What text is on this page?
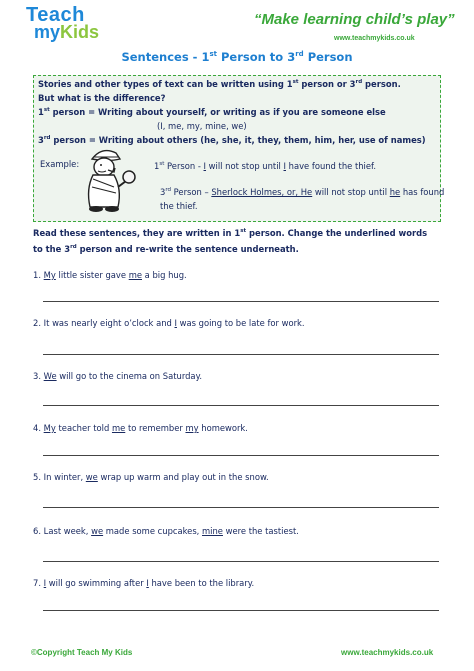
Teach
myKids
“Make learning child’s play”
www.teachmykids.co.uk
Sentences - 1st Person to 3rd Person
Stories and other types of text can be written using 1st person or 3rd person.
But what is the difference?
1st person = Writing about yourself, or writing as if you are someone else
(I, me, my, mine, we)
3rd person = Writing about others (he, she, it, they, them, him, her, use of names)
Example:	1st Person - I will not stop until I have found the thief.
3rd Person – Sherlock Holmes, or, He will not stop until he has found
the thief.
Read these sentences, they are written in 1st person. Change the underlined words
to the 3rd person and re-write the sentence underneath.
1. My little sister gave me a big hug.
2. It was nearly eight o’clock and I was going to be late for work.
3. We will go to the cinema on Saturday.
4. My teacher told me to remember my homework.
5. In winter, we wrap up warm and play out in the snow.
6. Last week, we made some cupcakes, mine were the tastiest.
7. I will go swimming after I have been to the library.
©Copyright Teach My Kids	www.teachmykids.co.uk
